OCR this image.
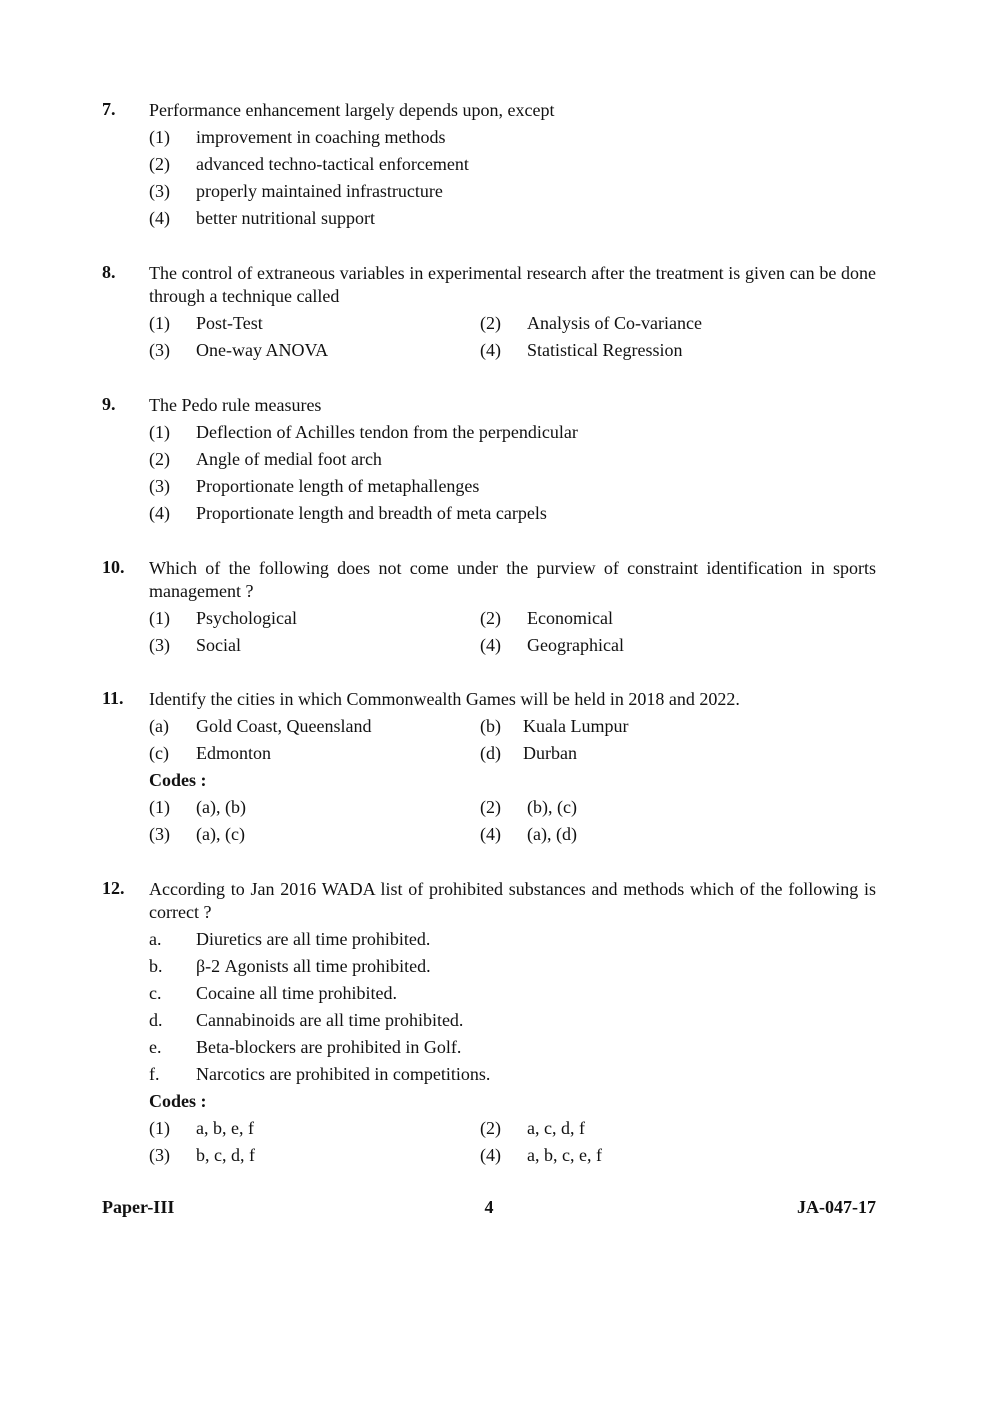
7. Performance enhancement largely depends upon, except
(1)	improvement in coaching methods
(2)	advanced techno-tactical enforcement
(3)	properly maintained infrastructure
(4)	better nutritional support
8. The control of extraneous variables in experimental research after the treatment is given can be done through a technique called
(1)	Post-Test	(2)	Analysis of Co-variance
(3)	One-way ANOVA	(4)	Statistical Regression
9. The Pedo rule measures
(1)	Deflection of Achilles tendon from the perpendicular
(2)	Angle of medial foot arch
(3)	Proportionate length of metaphallenges
(4)	Proportionate length and breadth of meta carpels
10. Which of the following does not come under the purview of constraint identification in sports management ?
(1)	Psychological	(2)	Economical
(3)	Social	(4)	Geographical
11. Identify the cities in which Commonwealth Games will be held in 2018 and 2022.
(a)	Gold Coast, Queensland	(b)	Kuala Lumpur
(c)	Edmonton	(d)	Durban
Codes :
(1)	(a), (b)	(2)	(b), (c)
(3)	(a), (c)	(4)	(a), (d)
12. According to Jan 2016 WADA list of prohibited substances and methods which of the following is correct ?
a.	Diuretics are all time prohibited.
b.	β-2 Agonists all time prohibited.
c.	Cocaine all time prohibited.
d.	Cannabinoids are all time prohibited.
e.	Beta-blockers are prohibited in Golf.
f.	Narcotics are prohibited in competitions.
Codes :
(1)	a, b, e, f	(2)	a, c, d, f
(3)	b, c, d, f	(4)	a, b, c, e, f
Paper-III	4	JA-047-17
